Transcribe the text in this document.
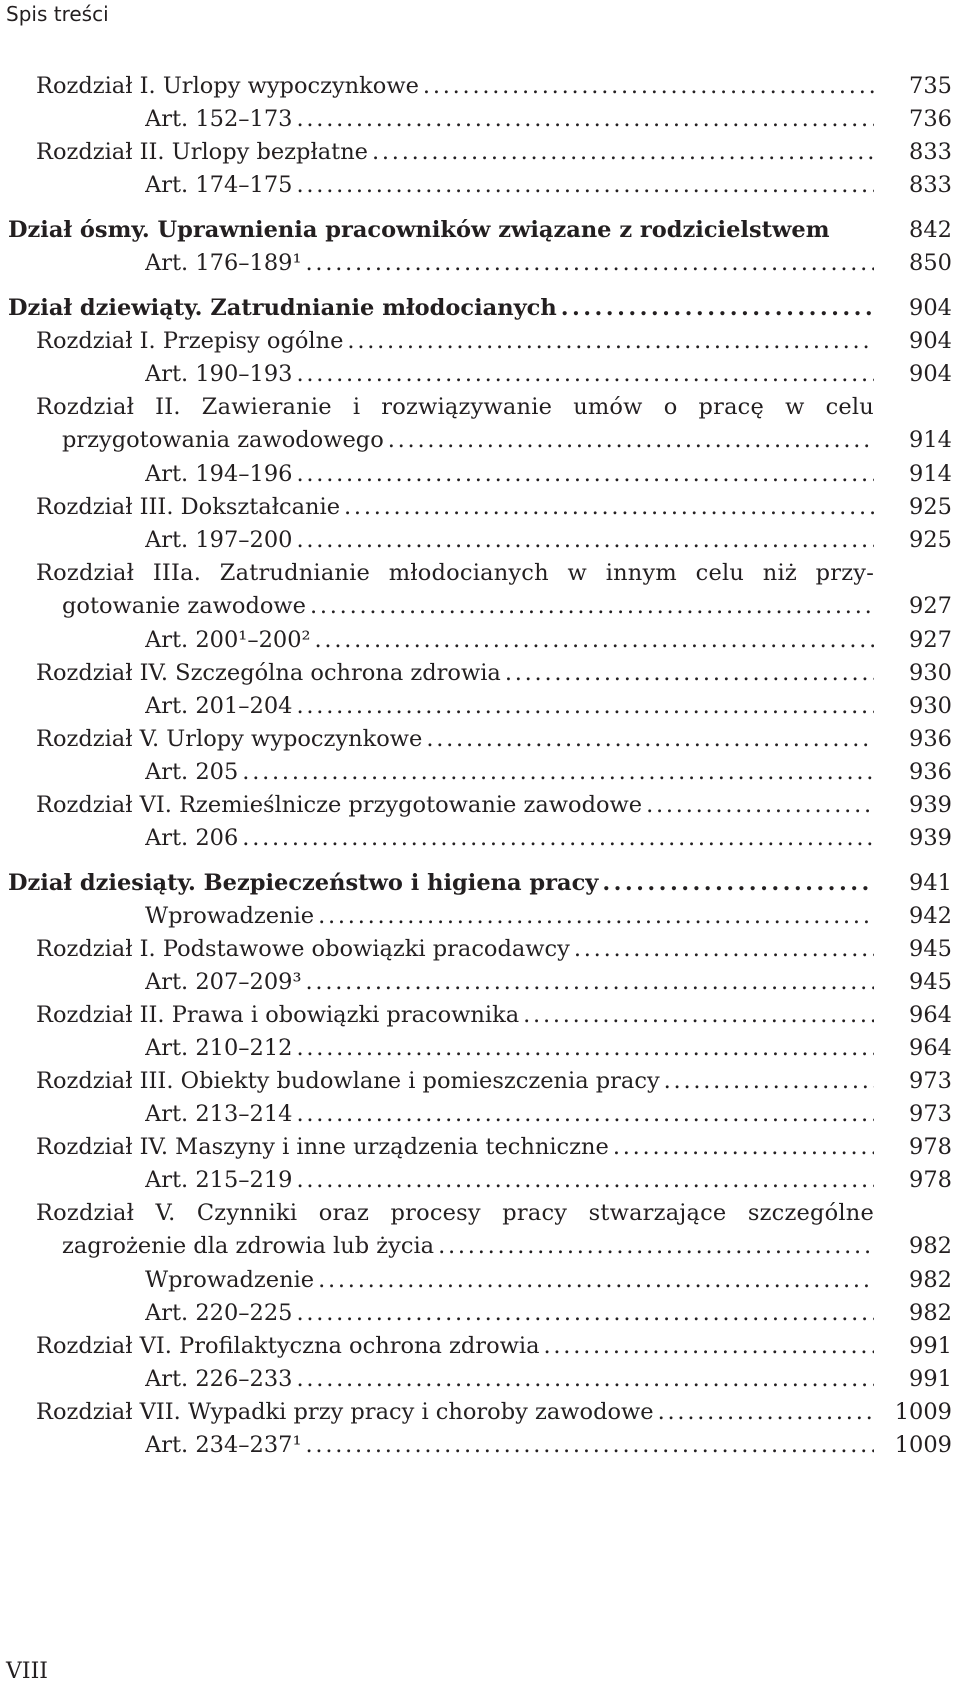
Spis treści
Rozdział I. Urlopy wypoczynkowe . . .	735
Art. 152–173 . . .	736
Rozdział II. Urlopy bezpłatne . . .	833
Art. 174–175 . . .	833
Dział ósmy. Uprawnienia pracowników związane z rodzicielstwem	842
Art. 176–189¹ . . .	850
Dział dziewiąty. Zatrudnianie młodocianych . . .	904
Rozdział I. Przepisy ogólne . . .	904
Art. 190–193 . . .	904
Rozdział II. Zawieranie i rozwiązywanie umów o pracę w celu
przygotowania zawodowego . . .	914
Art. 194–196 . . .	914
Rozdział III. Dokształcanie . . .	925
Art. 197–200 . . .	925
Rozdział IIIa. Zatrudnianie młodocianych w innym celu niż przy-
gotowanie zawodowe . . .	927
Art. 200¹–200² . . .	927
Rozdział IV. Szczególna ochrona zdrowia . . .	930
Art. 201–204 . . .	930
Rozdział V. Urlopy wypoczynkowe . . .	936
Art. 205 . . .	936
Rozdział VI. Rzemieślnicze przygotowanie zawodowe . . .	939
Art. 206 . . .	939
Dział dziesiąty. Bezpieczeństwo i higiena pracy . . .	941
Wprowadzenie . . .	942
Rozdział I. Podstawowe obowiązki pracodawcy . . .	945
Art. 207–209³ . . .	945
Rozdział II. Prawa i obowiązki pracownika . . .	964
Art. 210–212 . . .	964
Rozdział III. Obiekty budowlane i pomieszczenia pracy . . .	973
Art. 213–214 . . .	973
Rozdział IV. Maszyny i inne urządzenia techniczne . . .	978
Art. 215–219 . . .	978
Rozdział V. Czynniki oraz procesy pracy stwarzające szczególne
zagrożenie dla zdrowia lub życia . . .	982
Wprowadzenie . . .	982
Art. 220–225 . . .	982
Rozdział VI. Profilaktyczna ochrona zdrowia . . .	991
Art. 226–233 . . .	991
Rozdział VII. Wypadki przy pracy i choroby zawodowe . . .	1009
Art. 234–237¹ . . .	1009
VIII
